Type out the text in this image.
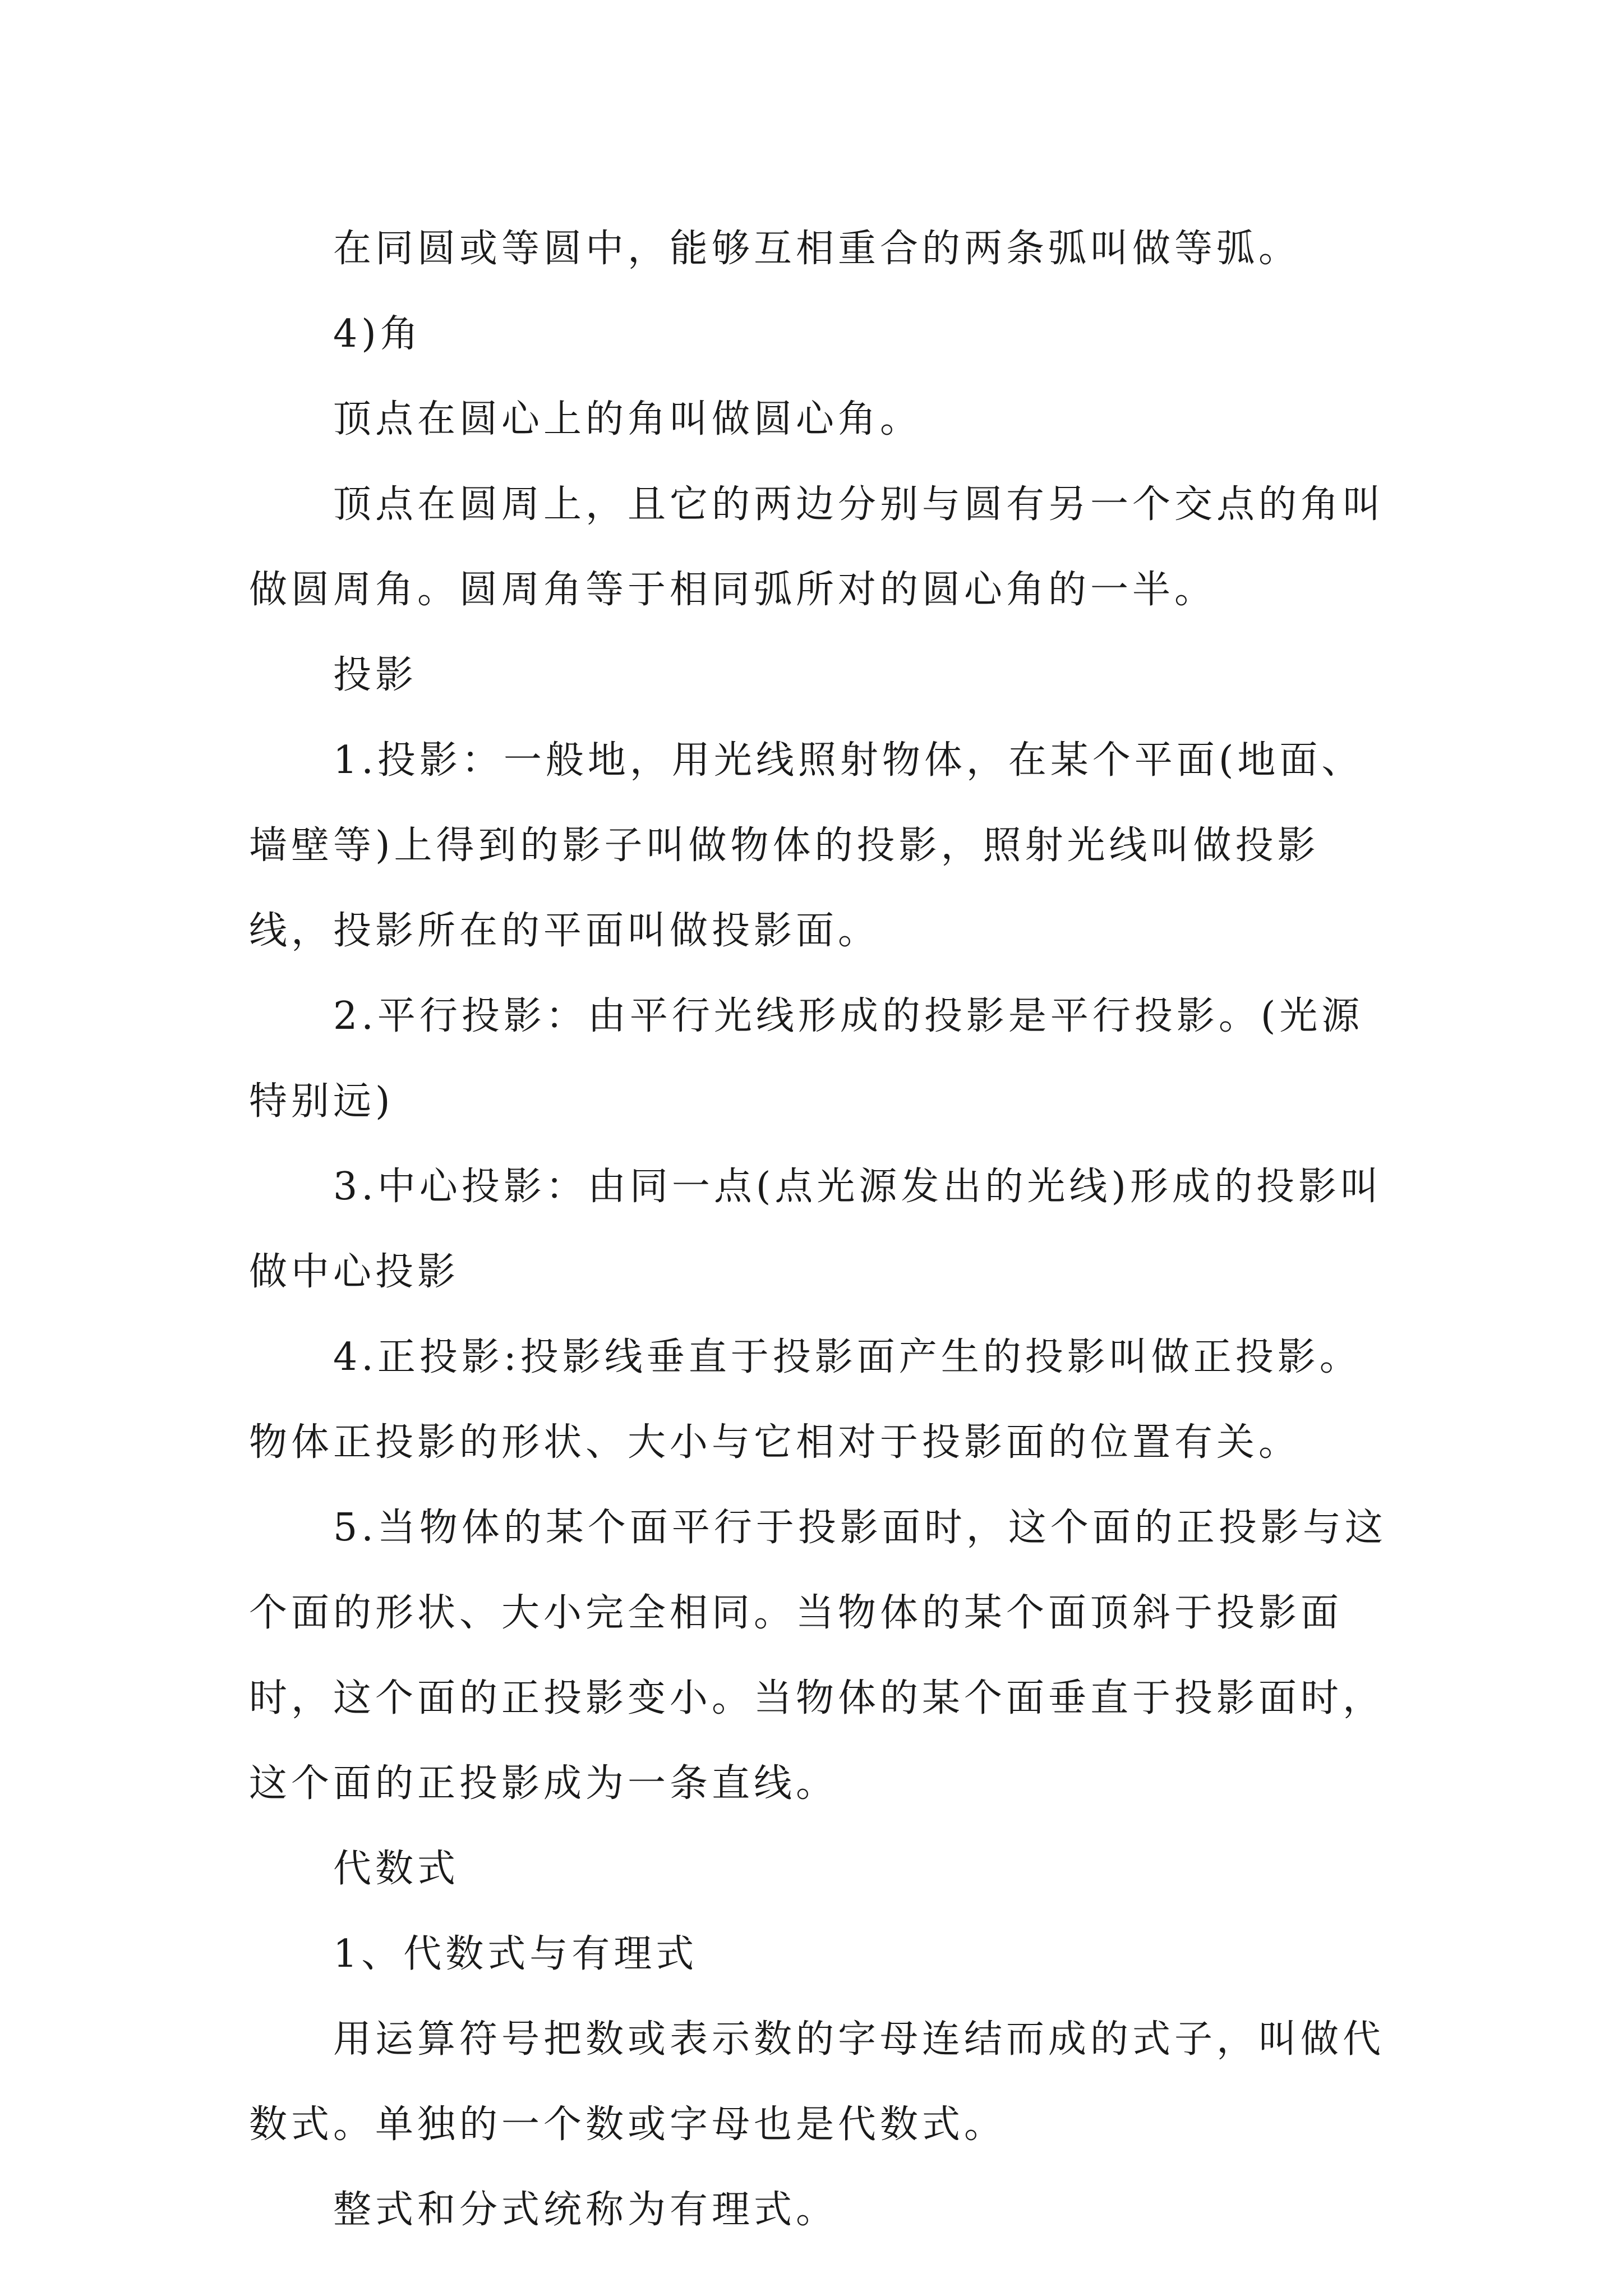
在同圆或等圆中，能够互相重合的两条弧叫做等弧。

4)角

顶点在圆心上的角叫做圆心角。

顶点在圆周上，且它的两边分别与圆有另一个交点的角叫做圆周角。圆周角等于相同弧所对的圆心角的一半。

投影

1.投影：一般地，用光线照射物体，在某个平面(地面、墙壁等)上得到的影子叫做物体的投影，照射光线叫做投影线，投影所在的平面叫做投影面。

2.平行投影：由平行光线形成的投影是平行投影。(光源特别远)

3.中心投影：由同一点(点光源发出的光线)形成的投影叫做中心投影

4.正投影:投影线垂直于投影面产生的投影叫做正投影。物体正投影的形状、大小与它相对于投影面的位置有关。

5.当物体的某个面平行于投影面时，这个面的正投影与这个面的形状、大小完全相同。当物体的某个面顶斜于投影面时，这个面的正投影变小。当物体的某个面垂直于投影面时，这个面的正投影成为一条直线。

代数式

1、代数式与有理式

用运算符号把数或表示数的字母连结而成的式子，叫做代数式。单独的一个数或字母也是代数式。

整式和分式统称为有理式。
